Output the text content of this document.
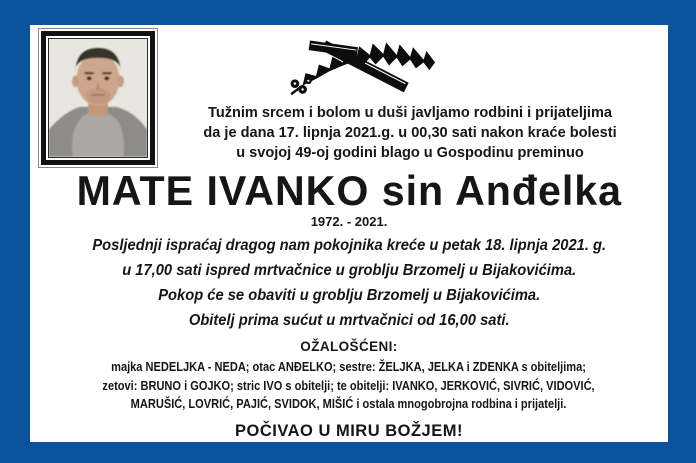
Tužnim srcem i bolom u duši javljamo rodbini i prijateljima
da je dana 17. lipnja 2021.g. u 00,30 sati nakon kraće bolesti
u svojoj 49-oj godini blago u Gospodinu preminuo
MATE IVANKO sin Anđelka
1972. - 2021.
Posljednji ispraćaj dragog nam pokojnika kreće u petak 18. lipnja 2021. g.
u 17,00 sati ispred mrtvačnice u groblju Brzomelj u Bijakovićima.
Pokop će se obaviti u groblju Brzomelj u Bijakovićima.
Obitelj prima sućut u mrtvačnici od 16,00 sati.
OŽALOŠĆENI:
majka NEDELJKA - NEDA; otac ANĐELKO; sestre: ŽELJKA, JELKA i ZDENKA s obiteljima;
zetovi: BRUNO i GOJKO; stric IVO s obitelji; te obitelji: IVANKO, JERKOVIĆ, SIVRIĆ, VIDOVIĆ,
MARUŠIĆ, LOVRIĆ, PAJIĆ, SVIDOK, MIŠIĆ i ostala mnogobrojna rodbina i prijatelji.
POČIVAO U MIRU BOŽJEM!
